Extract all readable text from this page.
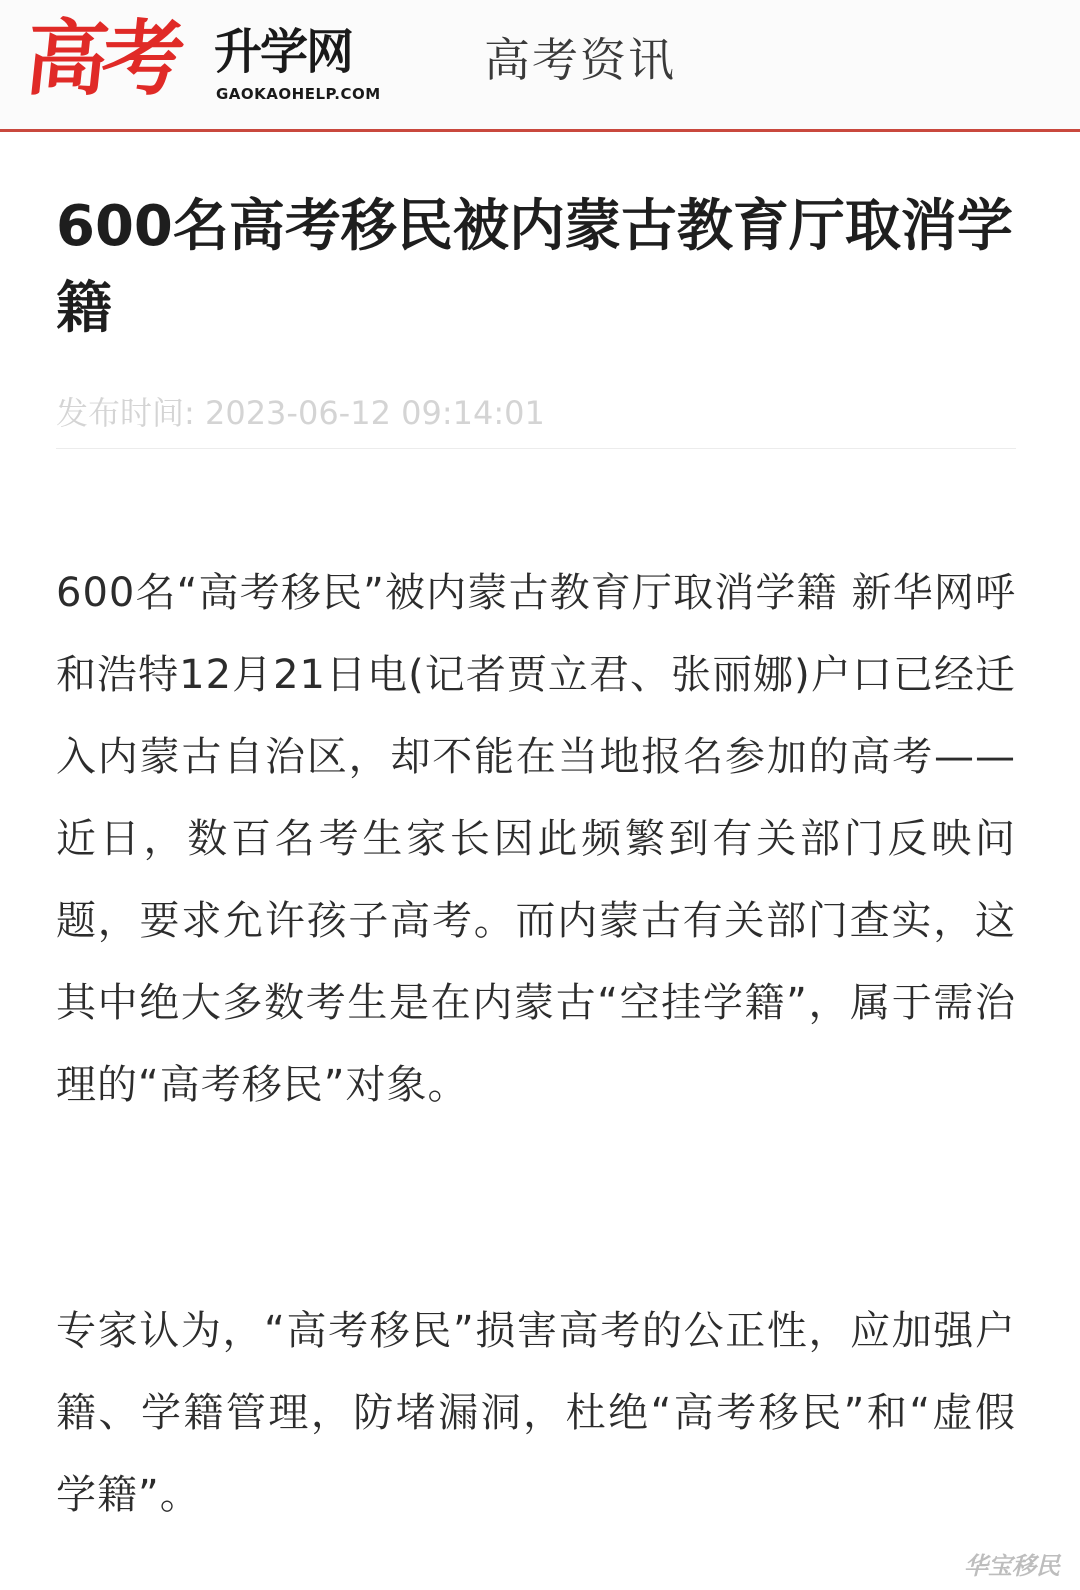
高考 升学网
GAOKAOHELP.COM
高考资讯
600名高考移民被内蒙古教育厅取消学籍
发布时间: 2023-06-12 09:14:01

600名“高考移民”被内蒙古教育厅取消学籍 新华网呼和浩特12月21日电(记者贾立君、张丽娜)户口已经迁入内蒙古自治区，却不能在当地报名参加的高考——近日，数百名考生家长因此频繁到有关部门反映问题，要求允许孩子高考。而内蒙古有关部门查实，这其中绝大多数考生是在内蒙古“空挂学籍”，属于需治理的“高考移民”对象。

专家认为，“高考移民”损害高考的公正性，应加强户籍、学籍管理，防堵漏洞，杜绝“高考移民”和“虚假学籍”。

华宝移民
